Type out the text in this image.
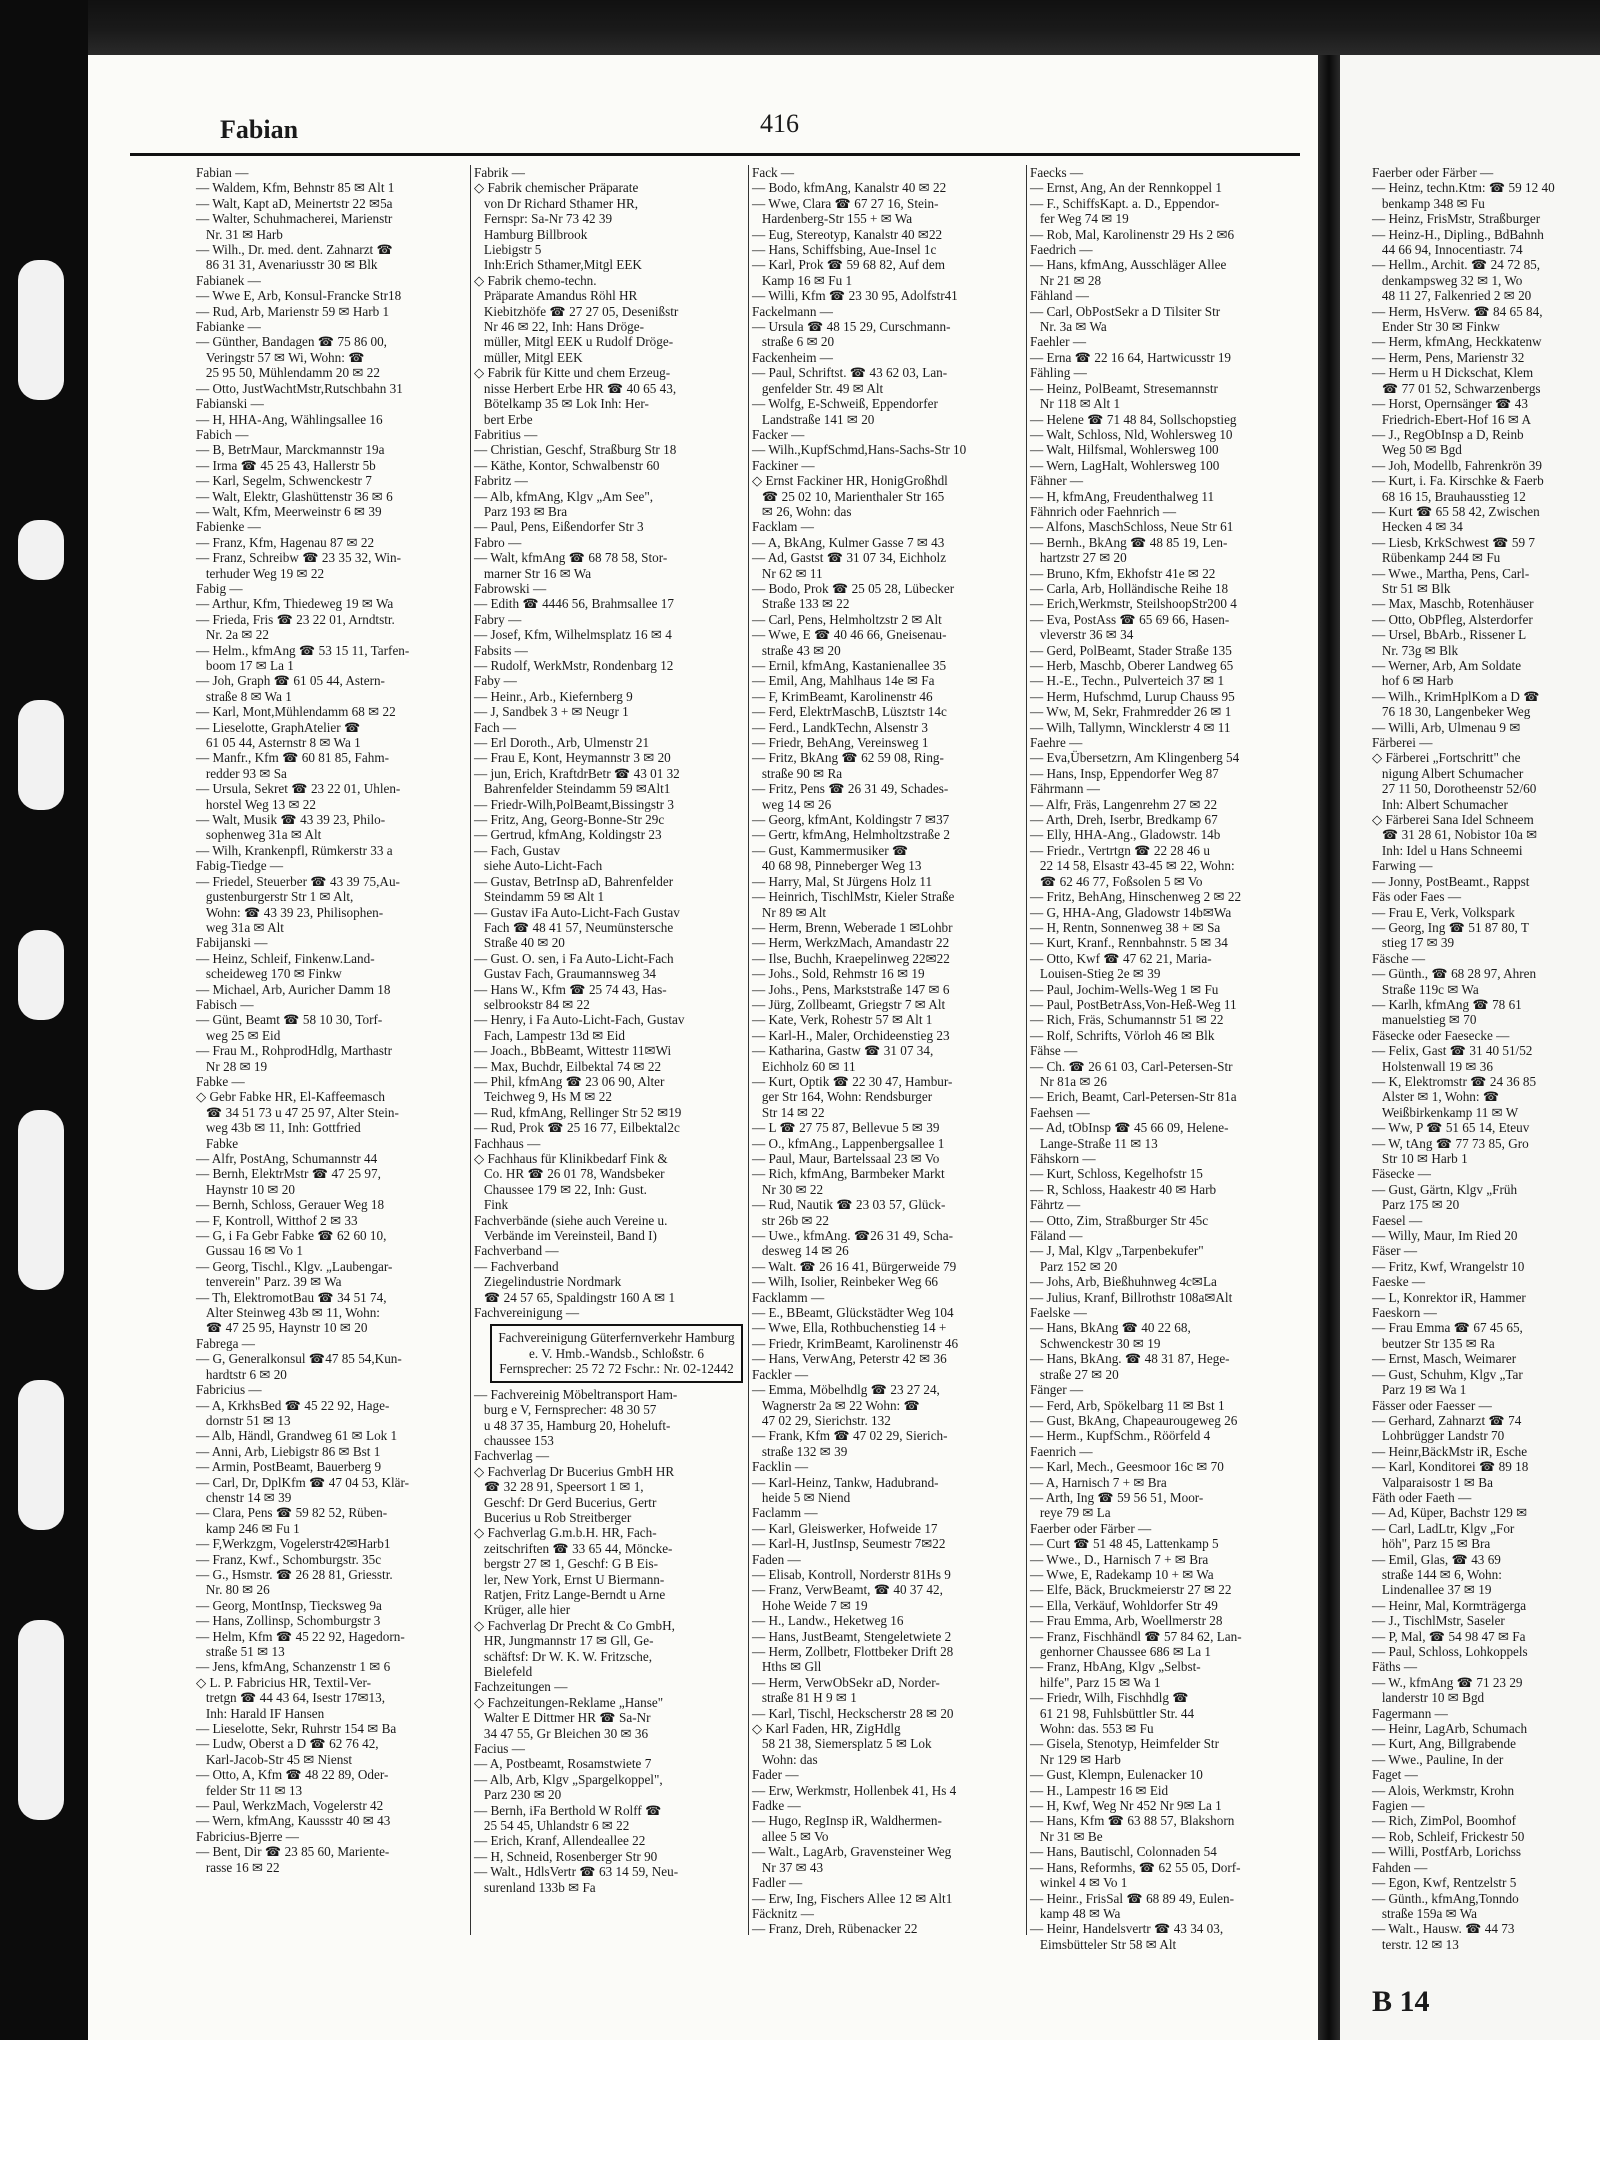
Faerber oder Färber —
— Heinz, techn.Ktm: ☎ 59 12 40
benkamp 348 ✉ Fu
— Heinz, FrisMstr, Straßburger
— Heinz-H., Dipling., BdBahnh
44 66 94, Innocentiastr. 74
— Hellm., Archit. ☎ 24 72 85,
denkampsweg 32 ✉ 1, Wo
48 11 27, Falkenried 2 ✉ 20
— Herm, HsVerw. ☎ 84 65 84,
Ender Str 30 ✉ Finkw
— Herm, kfmAng, Heckkatenw
— Herm, Pens, Marienstr 32
— Herm u H Dickschat, Klem
☎ 77 01 52, Schwarzenbergs
— Horst, Opernsänger ☎ 43
Friedrich-Ebert-Hof 16 ✉ A
— J., RegObInsp a D, Reinb
Weg 50 ✉ Bgd
— Joh, Modellb, Fahrenkrön 39
— Kurt, i. Fa. Kirschke & Faerb
68 16 15, Brauhausstieg 12
— Kurt ☎ 65 58 42, Zwischen
Hecken 4 ✉ 34
— Liesb, KrkSchwest ☎ 59 7
Rübenkamp 244 ✉ Fu
— Wwe., Martha, Pens, Carl-
Str 51 ✉ Blk
— Max, Maschb, Rotenhäuser
— Otto, ObPfleg, Alsterdorfer
— Ursel, BbArb., Rissener L
Nr. 73g ✉ Blk
— Werner, Arb, Am Soldate
hof 6 ✉ Harb
— Wilh., KrimHplKom a D ☎
76 18 30, Langenbeker Weg
— Willi, Arb, Ulmenau 9 ✉
Färberei —
◇ Färberei „Fortschritt" che
nigung Albert Schumacher
27 11 50, Dorotheenstr 52/60
Inh: Albert Schumacher
◇ Färberei Sana Idel Schneem
☎ 31 28 61, Nobistor 10a ✉
Inh: Idel u Hans Schneemi
Farwing —
— Jonny, PostBeamt., Rappst
Fäs oder Faes —
— Frau E, Verk, Volkspark
— Georg, Ing ☎ 51 87 80, T
stieg 17 ✉ 39
Fäsche —
— Günth., ☎ 68 28 97, Ahren
Straße 119c ✉ Wa
— Karlh, kfmAng ☎ 78 61
manuelstieg ✉ 70
Fäsecke oder Faesecke —
— Felix, Gast ☎ 31 40 51/52
Holstenwall 19 ✉ 36
— K, Elektromstr ☎ 24 36 85
Alster ✉ 1, Wohn: ☎
Weißbirkenkamp 11 ✉ W
— Ww, P ☎ 51 65 14, Eteuv
— W, tAng ☎ 77 73 85, Gro
Str 10 ✉ Harb 1
Fäsecke —
— Gust, Gärtn, Klgv „Früh
Parz 175 ✉ 20
Faesel —
— Willy, Maur, Im Ried 20
Fäser —
— Fritz, Kwf, Wrangelstr 10
Faeske —
— L, Konrektor iR, Hammer
Faeskorn —
— Frau Emma ☎ 67 45 65,
beutzer Str 135 ✉ Ra
— Ernst, Masch, Weimarer
— Gust, Schuhm, Klgv „Tar
Parz 19 ✉ Wa 1
Fässer oder Faesser —
— Gerhard, Zahnarzt ☎ 74
Lohbrügger Landstr 70
— Heinr,BäckMstr iR, Esche
— Karl, Konditorei ☎ 89 18
Valparaisostr 1 ✉ Ba
Fäth oder Faeth —
— Ad, Küper, Bachstr 129 ✉
— Carl, LadLtr, Klgv „For
höh", Parz 15 ✉ Bra
— Emil, Glas, ☎ 43 69
straße 144 ✉ 6, Wohn:
Lindenallee 37 ✉ 19
— Heinr, Mal, Kormträgerga
— J., TischlMstr, Saseler
— P, Mal, ☎ 54 98 47 ✉ Fa
— Paul, Schloss, Lohkoppels
Fäths —
— W., kfmAng ☎ 71 23 29
landerstr 10 ✉ Bgd
Fagermann —
— Heinr, LagArb, Schumach
— Kurt, Ang, Billgrabende
— Wwe., Pauline, In der
Faget —
— Alois, Werkmstr, Krohn
Fagien —
— Rich, ZimPol, Boomhof
— Rob, Schleif, Frickestr 50
— Willi, PostfArb, Lorichss
Fahden —
— Egon, Kwf, Rentzelstr 5
— Günth., kfmAng,Tonndo
straße 159a ✉ Wa
— Walt., Hausw. ☎ 44 73
terstr. 12 ✉ 13
Fabian	416
Fabian —
— Waldem, Kfm, Behnstr 85 ✉ Alt 1
— Walt, Kapt aD, Meinertstr 22 ✉5a
— Walter, Schuhmacherei, Marienstr
Nr. 31 ✉ Harb
— Wilh., Dr. med. dent. Zahnarzt ☎
86 31 31, Avenariusstr 30 ✉ Blk
Fabianek —
— Wwe E, Arb, Konsul-Francke Str18
— Rud, Arb, Marienstr 59 ✉ Harb 1
Fabianke —
— Günther, Bandagen ☎ 75 86 00,
Veringstr 57 ✉ Wi, Wohn: ☎
25 95 50, Mühlendamm 20 ✉ 22
— Otto, JustWachtMstr,Rutschbahn 31
Fabianski —
— H, HHA-Ang, Wählingsallee 16
Fabich —
— B, BetrMaur, Marckmannstr 19a
— Irma ☎ 45 25 43, Hallerstr 5b
— Karl, Segelm, Schwenckestr 7
— Walt, Elektr, Glashüttenstr 36 ✉ 6
— Walt, Kfm, Meerweinstr 6 ✉ 39
Fabienke —
— Franz, Kfm, Hagenau 87 ✉ 22
— Franz, Schreibw ☎ 23 35 32, Win-
terhuder Weg 19 ✉ 22
Fabig —
— Arthur, Kfm, Thiedeweg 19 ✉ Wa
— Frieda, Fris ☎ 23 22 01, Arndtstr.
Nr. 2a ✉ 22
— Helm., kfmAng ☎ 53 15 11, Tarfen-
boom 17 ✉ La 1
— Joh, Graph ☎ 61 05 44, Astern-
straße 8 ✉ Wa 1
— Karl, Mont,Mühlendamm 68 ✉ 22
— Lieselotte, GraphAtelier ☎
61 05 44, Asternstr 8 ✉ Wa 1
— Manfr., Kfm ☎ 60 81 85, Fahm-
redder 93 ✉ Sa
— Ursula, Sekret ☎ 23 22 01, Uhlen-
horstel Weg 13 ✉ 22
— Walt, Musik ☎ 43 39 23, Philo-
sophenweg 31a ✉ Alt
— Wilh, Krankenpfl, Rümkerstr 33 a
Fabig-Tiedge —
— Friedel, Steuerber ☎ 43 39 75,Au-
gustenburgerstr Str 1 ✉ Alt,
Wohn: ☎ 43 39 23, Philisophen-
weg 31a ✉ Alt
Fabijanski —
— Heinz, Schleif, Finkenw.Land-
scheideweg 170 ✉ Finkw
— Michael, Arb, Auricher Damm 18
Fabisch —
— Günt, Beamt ☎ 58 10 30, Torf-
weg 25 ✉ Eid
— Frau M., RohprodHdlg, Marthastr
Nr 28 ✉ 19
Fabke —
◇ Gebr Fabke HR, El-Kaffeemasch
☎ 34 51 73 u 47 25 97, Alter Stein-
weg 43b ✉ 11, Inh: Gottfried
Fabke
— Alfr, PostAng, Schumannstr 44
— Bernh, ElektrMstr ☎ 47 25 97,
Haynstr 10 ✉ 20
— Bernh, Schloss, Gerauer Weg 18
— F, Kontroll, Witthof 2 ✉ 33
— G, i Fa Gebr Fabke ☎ 62 60 10,
Gussau 16 ✉ Vo 1
— Georg, Tischl., Klgv. „Laubengar-
tenverein" Parz. 39 ✉ Wa
— Th, ElektromotBau ☎ 34 51 74,
Alter Steinweg 43b ✉ 11, Wohn:
☎ 47 25 95, Haynstr 10 ✉ 20
Fabrega —
— G, Generalkonsul ☎47 85 54,Kun-
hardtstr 6 ✉ 20
Fabricius —
— A, KrkhsBed ☎ 45 22 92, Hage-
dornstr 51 ✉ 13
— Alb, Händl, Grandweg 61 ✉ Lok 1
— Anni, Arb, Liebigstr 86 ✉ Bst 1
— Armin, PostBeamt, Bauerberg 9
— Carl, Dr, DplKfm ☎ 47 04 53, Klär-
chenstr 14 ✉ 39
— Clara, Pens ☎ 59 82 52, Rüben-
kamp 246 ✉ Fu 1
— F,Werkzgm, Vogelerstr42✉Harb1
— Franz, Kwf., Schomburgstr. 35c
— G., Hsmstr. ☎ 26 28 81, Griesstr.
Nr. 80 ✉ 26
— Georg, MontInsp, Tiecksweg 9a
— Hans, Zollinsp, Schomburgstr 3
— Helm, Kfm ☎ 45 22 92, Hagedorn-
straße 51 ✉ 13
— Jens, kfmAng, Schanzenstr 1 ✉ 6
◇ L. P. Fabricius HR, Textil-Ver-
tretgn ☎ 44 43 64, Isestr 17✉13,
Inh: Harald IF Hansen
— Lieselotte, Sekr, Ruhrstr 154 ✉ Ba
— Ludw, Oberst a D ☎ 62 76 42,
Karl-Jacob-Str 45 ✉ Nienst
— Otto, A, Kfm ☎ 48 22 89, Oder-
felder Str 11 ✉ 13
— Paul, WerkzMach, Vogelerstr 42
— Wern, kfmAng, Kaussstr 40 ✉ 43
Fabricius-Bjerre —
— Bent, Dir ☎ 23 85 60, Mariente-
rasse 16 ✉ 22
Fabrik —
◇ Fabrik chemischer Präparate
von Dr Richard Sthamer HR,
Fernspr: Sa-Nr 73 42 39
Hamburg Billbrook
Liebigstr 5
Inh:Erich Sthamer,Mitgl EEK
◇ Fabrik chemo-techn.
Präparate Amandus Röhl HR
Kiebitzhöfe ☎ 27 27 05, Desenißstr
Nr 46 ✉ 22, Inh: Hans Dröge-
müller, Mitgl EEK u Rudolf Dröge-
müller, Mitgl EEK
◇ Fabrik für Kitte und chem Erzeug-
nisse Herbert Erbe HR ☎ 40 65 43,
Bötelkamp 35 ✉ Lok Inh: Her-
bert Erbe
Fabritius —
— Christian, Geschf, Straßburg Str 18
— Käthe, Kontor, Schwalbenstr 60
Fabritz —
— Alb, kfmAng, Klgv „Am See",
Parz 193 ✉ Bra
— Paul, Pens, Eißendorfer Str 3
Fabro —
— Walt, kfmAng ☎ 68 78 58, Stor-
marner Str 16 ✉ Wa
Fabrowski —
— Edith ☎ 4446 56, Brahmsallee 17
Fabry —
— Josef, Kfm, Wilhelmsplatz 16 ✉ 4
Fabsits —
— Rudolf, WerkMstr, Rondenbarg 12
Faby —
— Heinr., Arb., Kiefernberg 9
— J, Sandbek 3 + ✉ Neugr 1
Fach —
— Erl Doroth., Arb, Ulmenstr 21
— Frau E, Kont, Heymannstr 3 ✉ 20
— jun, Erich, KraftdrBetr ☎ 43 01 32
Bahrenfelder Steindamm 59 ✉Alt1
— Friedr-Wilh,PolBeamt,Bissingstr 3
— Fritz, Ang, Georg-Bonne-Str 29c
— Gertrud, kfmAng, Koldingstr 23
— Fach, Gustav
siehe Auto-Licht-Fach
— Gustav, BetrInsp aD, Bahrenfelder
Steindamm 59 ✉ Alt 1
— Gustav iFa Auto-Licht-Fach Gustav
Fach ☎ 48 41 57, Neumünstersche
Straße 40 ✉ 20
— Gust. O. sen, i Fa Auto-Licht-Fach
Gustav Fach, Graumannsweg 34
— Hans W., Kfm ☎ 25 74 43, Has-
selbrookstr 84 ✉ 22
— Henry, i Fa Auto-Licht-Fach, Gustav
Fach, Lampestr 13d ✉ Eid
— Joach., BbBeamt, Wittestr 11✉Wi
— Max, Buchdr, Eilbektal 74 ✉ 22
— Phil, kfmAng ☎ 23 06 90, Alter
Teichweg 9, Hs M ✉ 22
— Rud, kfmAng, Rellinger Str 52 ✉19
— Rud, Prok ☎ 25 16 77, Eilbektal2c
Fachhaus —
◇ Fachhaus für Klinikbedarf Fink &
Co. HR ☎ 26 01 78, Wandsbeker
Chaussee 179 ✉ 22, Inh: Gust.
Fink
Fachverbände (siehe auch Vereine u.
Verbände im Vereinsteil, Band I)
Fachverband —
— Fachverband
Ziegelindustrie Nordmark
☎ 24 57 65, Spaldingstr 160 A ✉ 1
Fachvereinigung —
Fachvereinigung Güterfernverkehr Hamburg e. V. Hmb.-Wandsb., Schloßstr. 6 Fernsprecher: 25 72 72 Fschr.: Nr. 02-12442
— Fachvereinig Möbeltransport Ham-
burg e V, Fernsprecher: 48 30 57
u 48 37 35, Hamburg 20, Hoheluft-
chaussee 153
Fachverlag —
◇ Fachverlag Dr Bucerius GmbH HR
☎ 32 28 91, Speersort 1 ✉ 1,
Geschf: Dr Gerd Bucerius, Gertr
Bucerius u Rob Streitberger
◇ Fachverlag G.m.b.H. HR, Fach-
zeitschriften ☎ 33 65 44, Möncke-
bergstr 27 ✉ 1, Geschf: G B Eis-
ler, New York, Ernst U Biermann-
Ratjen, Fritz Lange-Berndt u Arne
Krüger, alle hier
◇ Fachverlag Dr Precht & Co GmbH,
HR, Jungmannstr 17 ✉ Gll, Ge-
schäftsf: Dr W. K. W. Fritzsche,
Bielefeld
Fachzeitungen —
◇ Fachzeitungen-Reklame „Hanse"
Walter E Dittmer HR ☎ Sa-Nr
34 47 55, Gr Bleichen 30 ✉ 36
Facius —
— A, Postbeamt, Rosamstwiete 7
— Alb, Arb, Klgv „Spargelkoppel",
Parz 230 ✉ 20
— Bernh, iFa Berthold W Rolff ☎
25 54 45, Uhlandstr 6 ✉ 22
— Erich, Kranf, Allendeallee 22
— H, Schneid, Rosenberger Str 90
— Walt., HdlsVertr ☎ 63 14 59, Neu-
surenland 133b ✉ Fa
Fack —
— Bodo, kfmAng, Kanalstr 40 ✉ 22
— Wwe, Clara ☎ 67 27 16, Stein-
Hardenberg-Str 155 + ✉ Wa
— Eug, Stereotyp, Kanalstr 40 ✉22
— Hans, Schiffsbing, Aue-Insel 1c
— Karl, Prok ☎ 59 68 82, Auf dem
Kamp 16 ✉ Fu 1
— Willi, Kfm ☎ 23 30 95, Adolfstr41
Fackelmann —
— Ursula ☎ 48 15 29, Curschmann-
straße 6 ✉ 20
Fackenheim —
— Paul, Schriftst. ☎ 43 62 03, Lan-
genfelder Str. 49 ✉ Alt
— Wolfg, E-Schweiß, Eppendorfer
Landstraße 141 ✉ 20
Facker —
— Wilh.,KupfSchmd,Hans-Sachs-Str 10
Fackiner —
◇ Ernst Fackiner HR, HonigGroßhdl
☎ 25 02 10, Marienthaler Str 165
✉ 26, Wohn: das
Facklam —
— A, BkAng, Kulmer Gasse 7 ✉ 43
— Ad, Gastst ☎ 31 07 34, Eichholz
Nr 62 ✉ 11
— Bodo, Prok ☎ 25 05 28, Lübecker
Straße 133 ✉ 22
— Carl, Pens, Helmholtzstr 2 ✉ Alt
— Wwe, E ☎ 40 46 66, Gneisenau-
straße 43 ✉ 20
— Ernil, kfmAng, Kastanienallee 35
— Emil, Ang, Mahlhaus 14e ✉ Fa
— F, KrimBeamt, Karolinenstr 46
— Ferd, ElektrMaschB, Lüsztstr 14c
— Ferd., LandkTechn, Alsenstr 3
— Friedr, BehAng, Vereinsweg 1
— Fritz, BkAng ☎ 62 59 08, Ring-
straße 90 ✉ Ra
— Fritz, Pens ☎ 26 31 49, Schades-
weg 14 ✉ 26
— Georg, kfmAnt, Koldingstr 7 ✉37
— Gertr, kfmAng, Helmholtzstraße 2
— Gust, Kammermusiker ☎
40 68 98, Pinneberger Weg 13
— Harry, Mal, St Jürgens Holz 11
— Heinrich, TischlMstr, Kieler Straße
Nr 89 ✉ Alt
— Herm, Brenn, Weberade 1 ✉Lohbr
— Herm, WerkzMach, Amandastr 22
— Ilse, Buchh, Kraepelinweg 22✉22
— Johs., Sold, Rehmstr 16 ✉ 19
— Johs., Pens, Markststraße 147 ✉ 6
— Jürg, Zollbeamt, Griegstr 7 ✉ Alt
— Kate, Verk, Rohestr 57 ✉ Alt 1
— Karl-H., Maler, Orchideenstieg 23
— Katharina, Gastw ☎ 31 07 34,
Eichholz 60 ✉ 11
— Kurt, Optik ☎ 22 30 47, Hambur-
ger Str 164, Wohn: Rendsburger
Str 14 ✉ 22
— L ☎ 27 75 87, Bellevue 5 ✉ 39
— O., kfmAng., Lappenbergsallee 1
— Paul, Maur, Bartelssaal 23 ✉ Vo
— Rich, kfmAng, Barmbeker Markt
Nr 30 ✉ 22
— Rud, Nautik ☎ 23 03 57, Glück-
str 26b ✉ 22
— Uwe., kfmAng. ☎26 31 49, Scha-
desweg 14 ✉ 26
— Walt. ☎ 26 16 41, Bürgerweide 79
— Wilh, Isolier, Reinbeker Weg 66
Facklamm —
— E., BBeamt, Glückstädter Weg 104
— Wwe, Ella, Rothbuchenstieg 14 +
— Friedr, KrimBeamt, Karolinenstr 46
— Hans, VerwAng, Peterstr 42 ✉ 36
Fackler —
— Emma, Möbelhdlg ☎ 23 27 24,
Wagnerstr 2a ✉ 22 Wohn: ☎
47 02 29, Sierichstr. 132
— Frank, Kfm ☎ 47 02 29, Sierich-
straße 132 ✉ 39
Facklin —
— Karl-Heinz, Tankw, Hadubrand-
heide 5 ✉ Niend
Faclamm —
— Karl, Gleiswerker, Hofweide 17
— Karl-H, JustInsp, Seumestr 7✉22
Faden —
— Elisab, Kontroll, Norderstr 81Hs 9
— Franz, VerwBeamt, ☎ 40 37 42,
Hohe Weide 7 ✉ 19
— H., Landw., Heketweg 16
— Hans, JustBeamt, Stengeletwiete 2
— Herm, Zollbetr, Flottbeker Drift 28
Hths ✉ Gll
— Herm, VerwObSekr aD, Norder-
straße 81 H 9 ✉ 1
— Karl, Tischl, Heckscherstr 28 ✉ 20
◇ Karl Faden, HR, ZigHdlg
58 21 38, Siemersplatz 5 ✉ Lok
Wohn: das
Fader —
— Erw, Werkmstr, Hollenbek 41, Hs 4
Fadke —
— Hugo, RegInsp iR, Waldhermen-
allee 5 ✉ Vo
— Walt., LagArb, Gravensteiner Weg
Nr 37 ✉ 43
Fadler —
— Erw, Ing, Fischers Allee 12 ✉ Alt1
Fäcknitz —
— Franz, Dreh, Rübenacker 22
Faecks —
— Ernst, Ang, An der Rennkoppel 1
— F., SchiffsKapt. a. D., Eppendor-
fer Weg 74 ✉ 19
— Rob, Mal, Karolinenstr 29 Hs 2 ✉6
Faedrich —
— Hans, kfmAng, Ausschläger Allee
Nr 21 ✉ 28
Fähland —
— Carl, ObPostSekr a D Tilsiter Str
Nr. 3a ✉ Wa
Faehler —
— Erna ☎ 22 16 64, Hartwicusstr 19
Fähling —
— Heinz, PolBeamt, Stresemannstr
Nr 118 ✉ Alt 1
— Helene ☎ 71 48 84, Sollschopstieg
— Walt, Schloss, Nld, Wohlersweg 10
— Walt, Hilfsmal, Wohlersweg 100
— Wern, LagHalt, Wohlersweg 100
Fähner —
— H, kfmAng, Freudenthalweg 11
Fähnrich oder Faehnrich —
— Alfons, MaschSchloss, Neue Str 61
— Bernh., BkAng ☎ 48 85 19, Len-
hartzstr 27 ✉ 20
— Bruno, Kfm, Ekhofstr 41e ✉ 22
— Carla, Arb, Holländische Reihe 18
— Erich,Werkmstr, SteilshoopStr200 4
— Eva, PostAss ☎ 65 69 66, Hasen-
vleverstr 36 ✉ 34
— Gerd, PolBeamt, Stader Straße 135
— Herb, Maschb, Oberer Landweg 65
— H.-E., Techn., Pulverteich 37 ✉ 1
— Herm, Hufschmd, Lurup Chauss 95
— Ww, M, Sekr, Frahmredder 26 ✉ 1
— Wilh, Tallymn, Wincklerstr 4 ✉ 11
Faehre —
— Eva,Übersetzrn, Am Klingenberg 54
— Hans, Insp, Eppendorfer Weg 87
Fährmann —
— Alfr, Fräs, Langenrehm 27 ✉ 22
— Arth, Dreh, Iserbr, Bredkamp 67
— Elly, HHA-Ang., Gladowstr. 14b
— Friedr., Vertrtgn ☎ 22 28 46 u
22 14 58, Elsastr 43-45 ✉ 22, Wohn:
☎ 62 46 77, Foßsolen 5 ✉ Vo
— Fritz, BehAng, Hinschenweg 2 ✉ 22
— G, HHA-Ang, Gladowstr 14b✉Wa
— H, Rentn, Sonnenweg 38 + ✉ Sa
— Kurt, Kranf., Rennbahnstr. 5 ✉ 34
— Otto, Kwf ☎ 47 62 21, Maria-
Louisen-Stieg 2e ✉ 39
— Paul, Jochim-Wells-Weg 1 ✉ Fu
— Paul, PostBetrAss,Von-Heß-Weg 11
— Rich, Fräs, Schumannstr 51 ✉ 22
— Rolf, Schrifts, Vörloh 46 ✉ Blk
Fähse —
— Ch. ☎ 26 61 03, Carl-Petersen-Str
Nr 81a ✉ 26
— Erich, Beamt, Carl-Petersen-Str 81a
Faehsen —
— Ad, tObInsp ☎ 45 66 09, Helene-
Lange-Straße 11 ✉ 13
Fähskorn —
— Kurt, Schloss, Kegelhofstr 15
— R, Schloss, Haakestr 40 ✉ Harb
Fährtz —
— Otto, Zim, Straßburger Str 45c
Fäland —
— J, Mal, Klgv „Tarpenbekufer"
Parz 152 ✉ 20
— Johs, Arb, Bießhuhnweg 4c✉La
— Julius, Kranf, Billrothstr 108a✉Alt
Faelske —
— Hans, BkAng ☎ 40 22 68,
Schwenckestr 30 ✉ 19
— Hans, BkAng. ☎ 48 31 87, Hege-
straße 27 ✉ 20
Fänger —
— Ferd, Arb, Spökelbarg 11 ✉ Bst 1
— Gust, BkAng, Chapeaurougeweg 26
— Herm., KupfSchm., Röörfeld 4
Faenrich —
— Karl, Mech., Geesmoor 16c ✉ 70
— A, Harnisch 7 + ✉ Bra
— Arth, Ing ☎ 59 56 51, Moor-
reye 79 ✉ La
Faerber oder Färber —
— Curt ☎ 51 48 45, Lattenkamp 5
— Wwe., D., Harnisch 7 + ✉ Bra
— Wwe, E, Radekamp 10 + ✉ Wa
— Elfe, Bäck, Bruckmeierstr 27 ✉ 22
— Ella, Verkäuf, Wohldorfer Str 49
— Frau Emma, Arb, Woellmerstr 28
— Franz, Fischhändl ☎ 57 84 62, Lan-
genhorner Chaussee 686 ✉ La 1
— Franz, HbAng, Klgv „Selbst-
hilfe", Parz 15 ✉ Wa 1
— Friedr, Wilh, Fischhdlg ☎
61 21 98, Fuhlsbüttler Str. 44
Wohn: das. 553 ✉ Fu
— Gisela, Stenotyp, Heimfelder Str
Nr 129 ✉ Harb
— Gust, Klempn, Eulenacker 10
— H., Lampestr 16 ✉ Eid
— H, Kwf, Weg Nr 452 Nr 9✉ La 1
— Hans, Kfm ☎ 63 88 57, Blakshorn
Nr 31 ✉ Be
— Hans, Bautischl, Colonnaden 54
— Hans, Reformhs, ☎ 62 55 05, Dorf-
winkel 4 ✉ Vo 1
— Heinr., FrisSal ☎ 68 89 49, Eulen-
kamp 48 ✉ Wa
— Heinr, Handelsvertr ☎ 43 34 03,
Eimsbütteler Str 58 ✉ Alt
B 14
